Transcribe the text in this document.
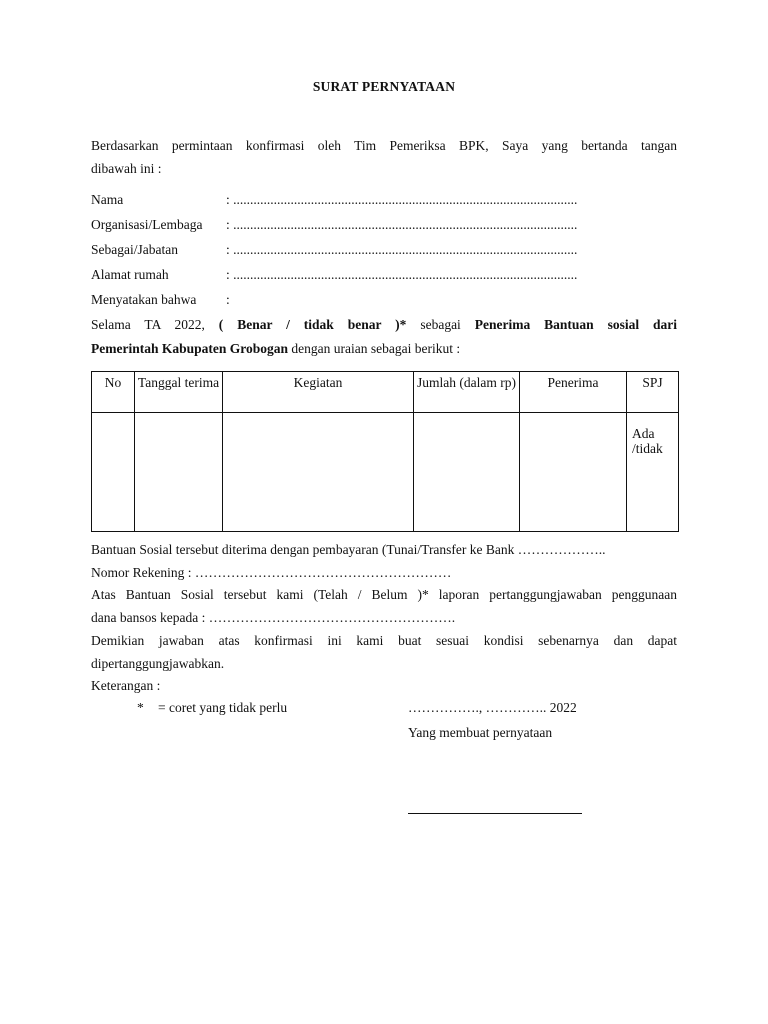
SURAT PERNYATAAN
Berdasarkan permintaan konfirmasi oleh Tim Pemeriksa BPK, Saya yang bertanda tangan
dibawah ini :
Nama	: ......................................................................................................
Organisasi/Lembaga : ......................................................................................................
Sebagai/Jabatan	: ......................................................................................................
Alamat rumah	: ......................................................................................................
Menyatakan bahwa :
Selama TA 2022, ( Benar / tidak benar )* sebagai Penerima Bantuan sosial dari
Pemerintah Kabupaten Grobogan dengan uraian sebagai berikut :
No	Tanggal terima	Kegiatan	Jumlah (dalam rp)	Penerima	SPJ

					Ada
/tidak
Bantuan Sosial tersebut diterima dengan pembayaran (Tunai/Transfer ke Bank ………………..
Nomor Rekening : …………………………………………………
Atas Bantuan Sosial tersebut kami (Telah / Belum )* laporan pertanggungjawaban penggunaan
dana bansos kepada : ……………………………………………….
Demikian jawaban atas konfirmasi ini kami buat sesuai kondisi sebenarnya dan dapat
dipertanggungjawabkan.
Keterangan :
* = coret yang tidak perlu	……………., ………….. 2022
Yang membuat pernyataan
